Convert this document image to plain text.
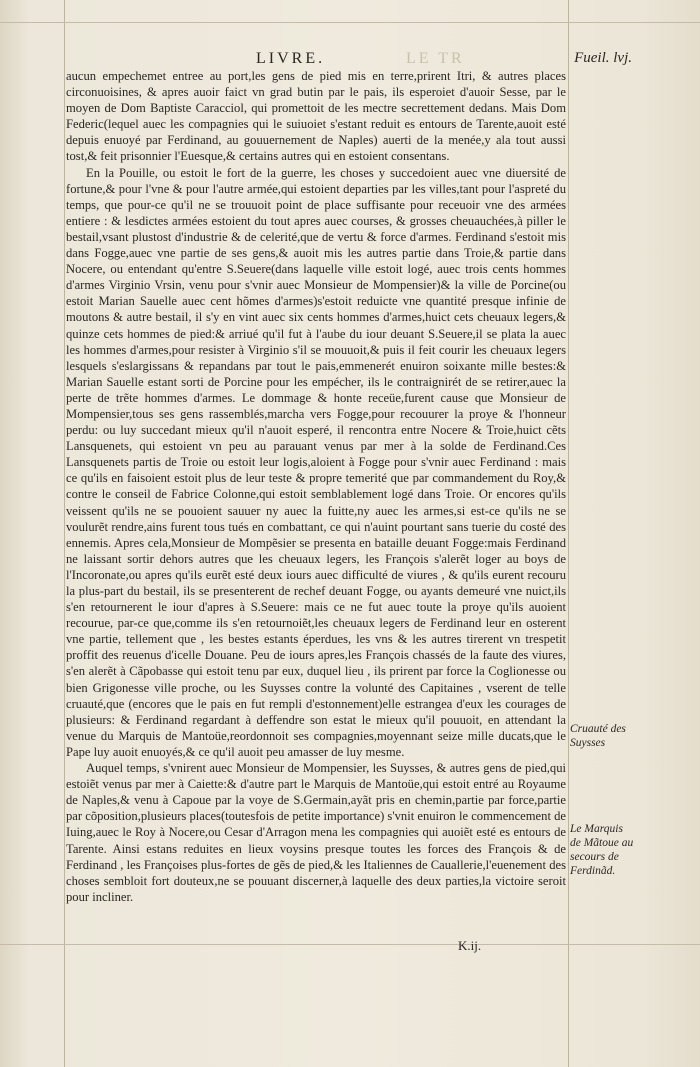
LIVRE.	LE TR	Fueil. lvj.

aucun empechemet entree au port,les gens de pied mis en terre,prirent Itri, & autres places circonuoisines, & apres auoir faict vn grad butin par le pais, ils esperoiet d'auoir Sesse, par le moyen de Dom Baptiste Caracciol, qui promettoit de les mectre secrettement dedans. Mais Dom Federic(lequel auec les compagnies qui le suiuoiet s'estant reduit es entours de Tarente,auoit esté depuis enuoyé par Ferdinand, au gouuernement de Naples) auerti de la menée,y ala tout aussi tost,& feit prisonnier l'Euesque,& certains autres qui en estoient consentans.

En la Pouille, ou estoit le fort de la guerre, les choses y succedoient auec vne diuersité de fortune,& pour l'vne & pour l'autre armée,qui estoient departies par les villes,tant pour l'aspreté du temps, que pour-ce qu'il ne se trouuoit point de place suffisante pour receuoir vne des armées entiere : & lesdictes armées estoient du tout apres auec courses, & grosses cheuauchées,à piller le bestail,vsant plustost d'industrie & de celerité,que de vertu & force d'armes. Ferdinand s'estoit mis dans Fogge,auec vne partie de ses gens,& auoit mis les autres partie dans Troie,& partie dans Nocere, ou entendant qu'entre S.Seuere(dans laquelle ville estoit logé, auec trois cents hommes d'armes Virginio Vrsin, venu pour s'vnir auec Monsieur de Mompensier)& la ville de Porcine(ou estoit Marian Sauelle auec cent hõmes d'armes)s'estoit reduicte vne quantité presque infinie de moutons & autre bestail, il s'y en vint auec six cents hommes d'armes,huict cets cheuaux legers,& quinze cets hommes de pied:& arriué qu'il fut à l'aube du iour deuant S.Seuere,il se plata la auec les hommes d'armes,pour resister à Virginio s'il se mouuoit,& puis il feit courir les cheuaux legers lesquels s'eslargissans & repandans par tout le pais,emmenerét enuiron soixante mille bestes:& Marian Sauelle estant sorti de Porcine pour les empécher, ils le contraignirét de se retirer,auec la perte de trẽte hommes d'armes. Le dommage & honte receüe,furent cause que Monsieur de Mompensier,tous ses gens rassemblés,marcha vers Fogge,pour recouurer la proye & l'honneur perdu: ou luy succedant mieux qu'il n'auoit esperé, il rencontra entre Nocere & Troie,huict cẽts Lansquenets, qui estoient vn peu au parauant venus par mer à la solde de Ferdinand.Ces Lansquenets partis de Troie ou estoit leur logis,aloient à Fogge pour s'vnir auec Ferdinand : mais ce qu'ils en faisoient estoit plus de leur teste & propre temerité que par commandement du Roy,& contre le conseil de Fabrice Colonne,qui estoit semblablement logé dans Troie. Or encores qu'ils veissent qu'ils ne se pouoient sauuer ny auec la fuitte,ny auec les armes,si est-ce qu'ils ne se voulurẽt rendre,ains furent tous tués en combattant, ce qui n'auint pourtant sans tuerie du costé des ennemis. Apres cela,Monsieur de Mompẽsier se presenta en bataille deuant Fogge:mais Ferdinand ne laissant sortir dehors autres que les cheuaux legers, les François s'alerẽt loger au boys de l'Incoronate,ou apres qu'ils eurẽt esté deux iours auec difficulté de viures , & qu'ils eurent recouru la plus-part du bestail, ils se presenterent de rechef deuant Fogge, ou ayants demeuré vne nuict,ils s'en retournerent le iour d'apres à S.Seuere: mais ce ne fut auec toute la proye qu'ils auoient recourue, par-ce que,comme ils s'en retournoiẽt,les cheuaux legers de Ferdinand leur en osterent vne partie, tellement que , les bestes estants éperdues, les vns & les autres tirerent vn trespetit proffit des reuenus d'icelle Douane. Peu de iours apres,les François chassés de la faute des viures, s'en alerẽt à Cãpobasse qui estoit tenu par eux, duquel lieu , ils prirent par force la Coglionesse ou bien Grigonesse ville proche, ou les Suysses contre la volunté des Capitaines , vserent de telle cruauté,que (encores que le pais en fut rempli d'estonnement)elle estrangea d'eux les courages de plusieurs: & Ferdinand regardant à deffendre son estat le mieux qu'il pouuoit, en attendant la venue du Marquis de Mantoüe,reordonnoit ses compagnies,moyennant seize mille ducats,que le Pape luy auoit enuoyés,& ce qu'il auoit peu amasser de luy mesme.

Auquel temps, s'vnirent auec Monsieur de Mompensier, les Suysses, & autres gens de pied,qui estoiẽt venus par mer à Caiette:& d'autre part le Marquis de Mantoüe,qui estoit entré au Royaume de Naples,& venu à Capoue par la voye de S.Germain,ayãt pris en chemin,partie par force,partie par cõposition,plusieurs places(toutesfois de petite importance) s'vnit enuiron le commencement de Iuing,auec le Roy à Nocere,ou Cesar d'Arragon mena les compagnies qui auoiẽt esté es entours de Tarente. Ainsi estans reduites en lieux voysins presque toutes les forces des François & de Ferdinand , les Françoises plus-fortes de gẽs de pied,& les Italiennes de Cauallerie,l'euenement des choses sembloit fort douteux,ne se pouuant discerner,à laquelle des deux parties,la victoire seroit pour incliner.

Cruauté des Suysses
Le Marquis de Mãtoue au secours de Ferdinãd.
K.ij.
